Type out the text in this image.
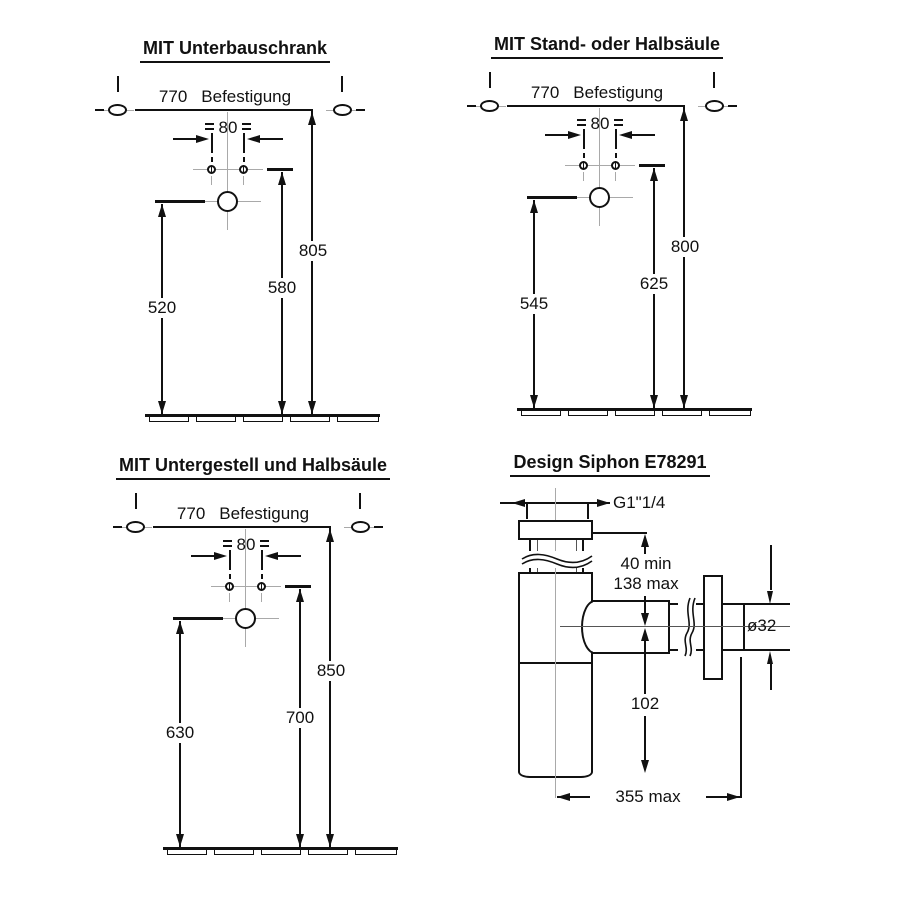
MIT Unterbauschrank
770 Befestigung
80
805
580
520
MIT Stand- oder Halbsäule
770 Befestigung
80
800
625
545
MIT Untergestell und Halbsäule
770 Befestigung
80
850
700
630
Design Siphon E78291
G1"1/4
40 min
138 max
ø32
102
355 max
